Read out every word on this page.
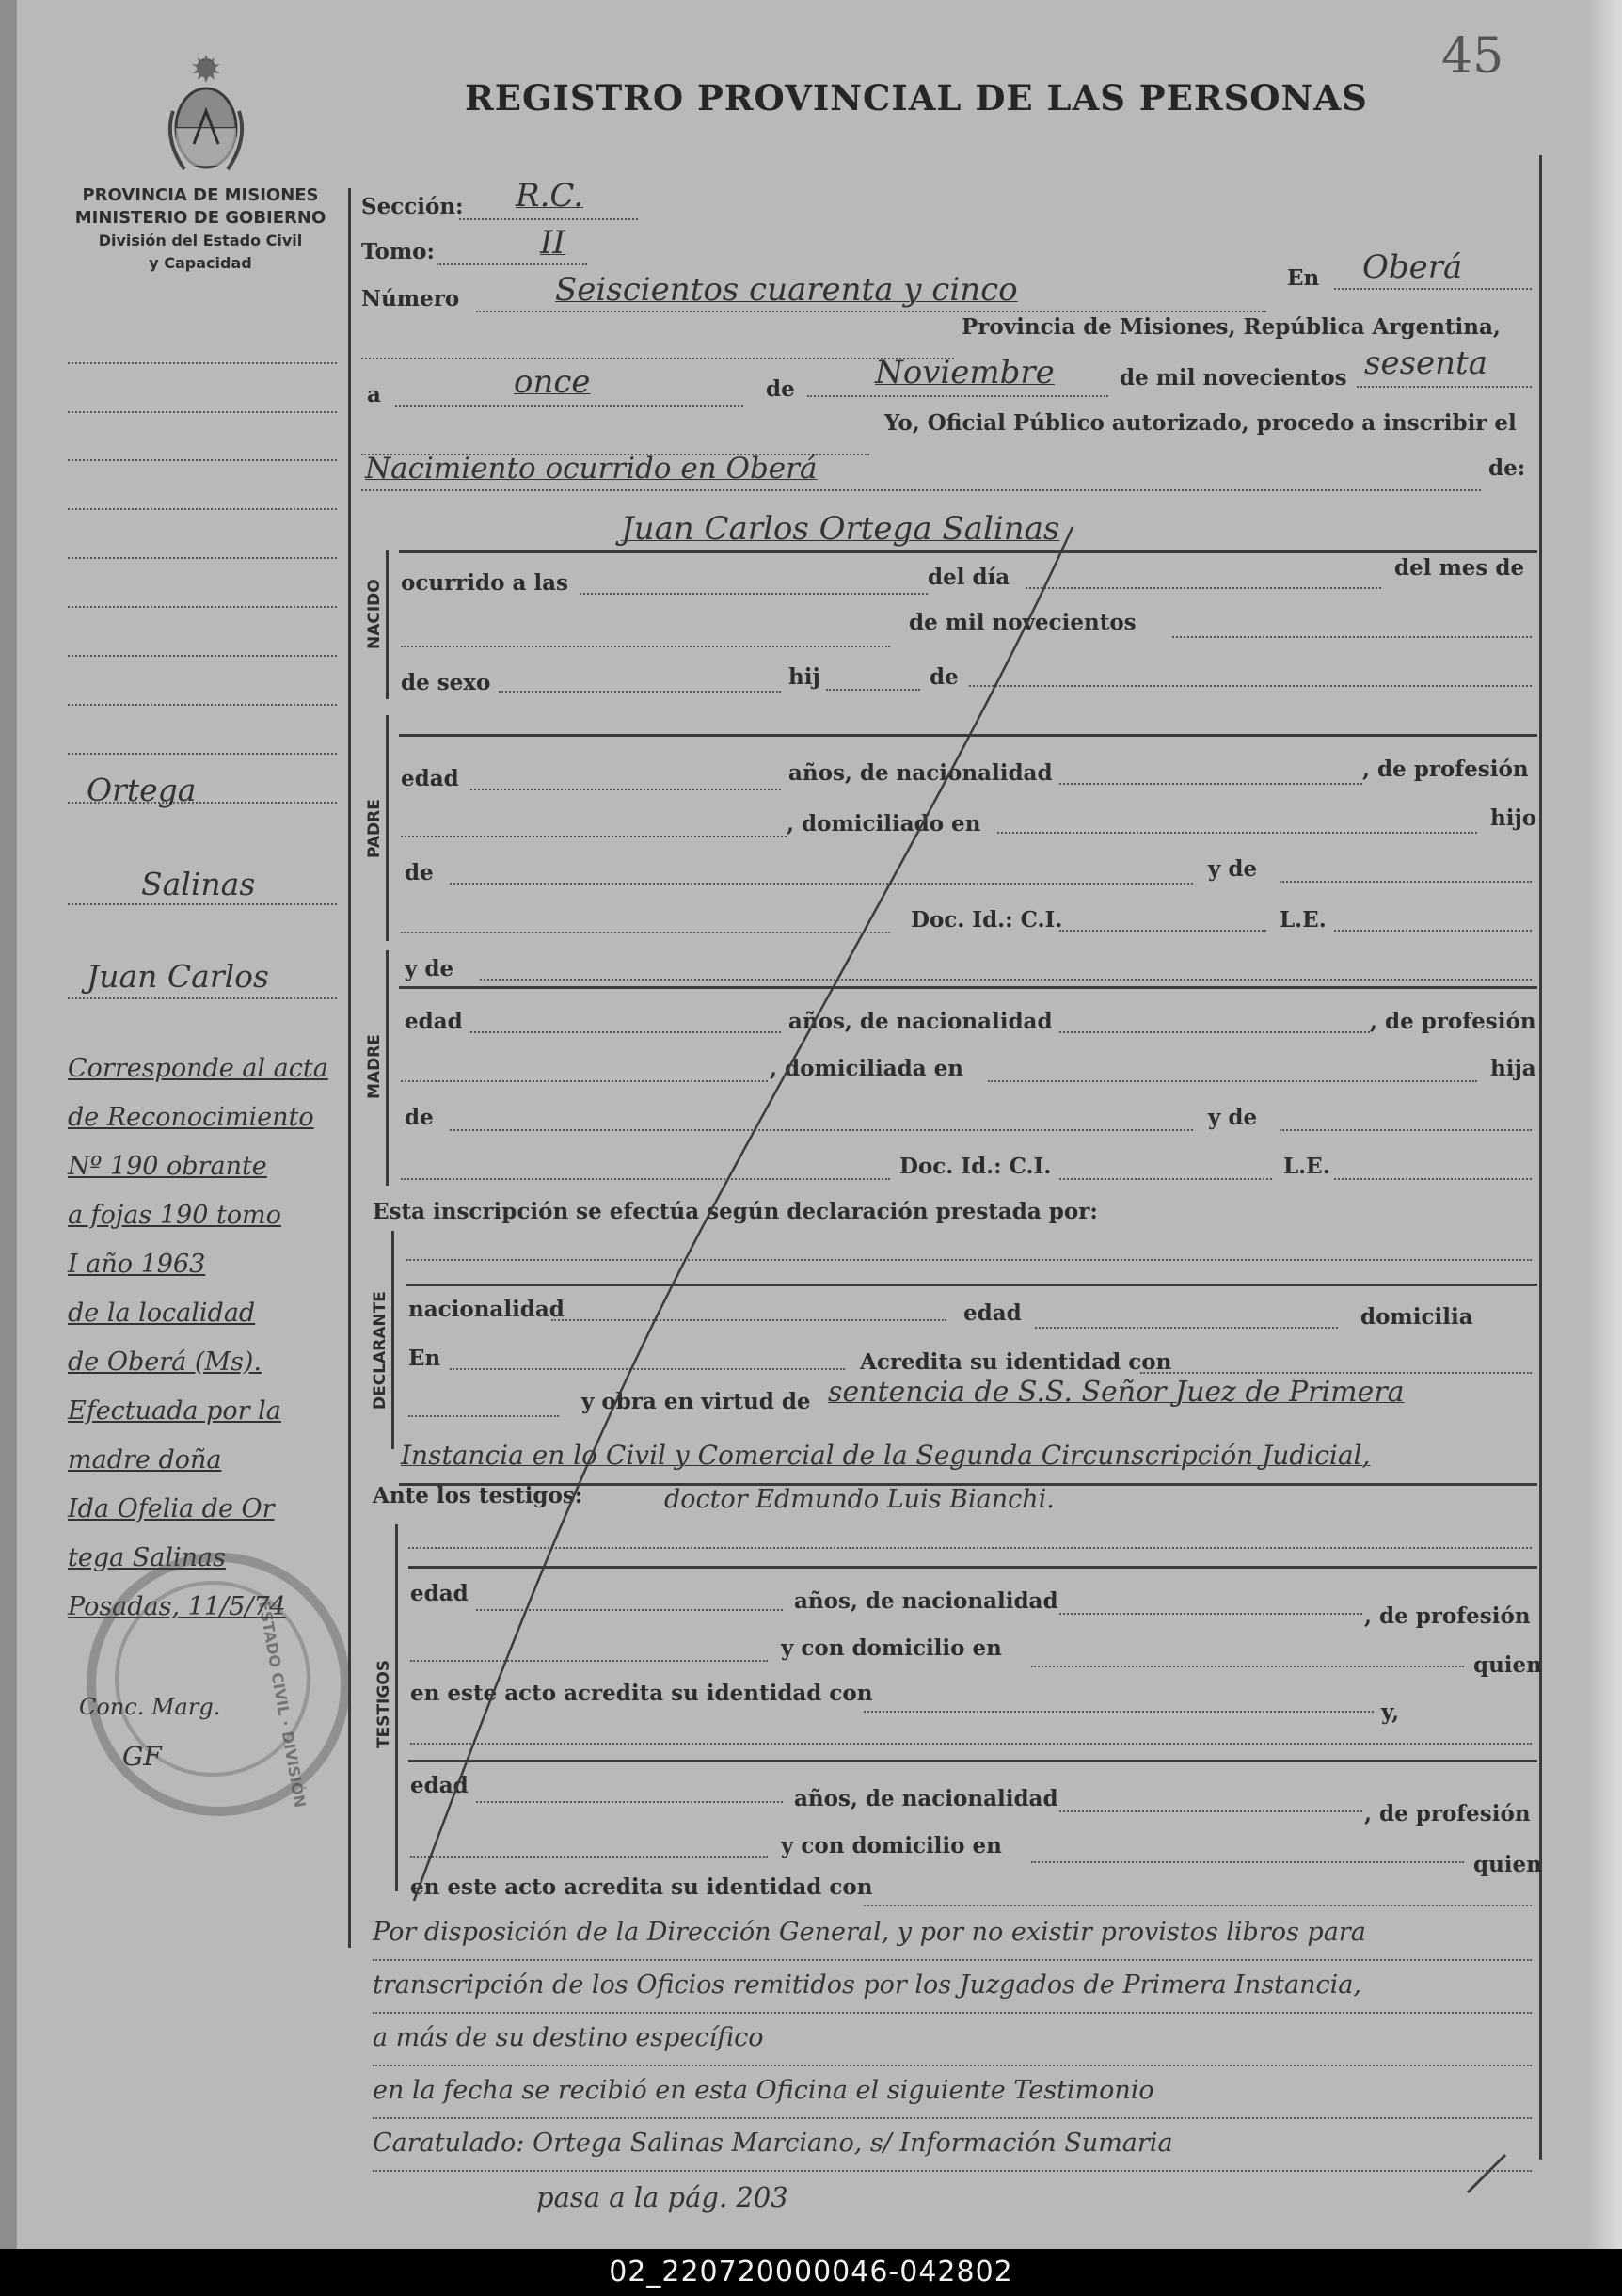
REGISTRO PROVINCIAL DE LAS PERSONAS
45
PROVINCIA DE MISIONES
MINISTERIO DE GOBIERNO
División del Estado Civil
y Capacidad
Ortega
Salinas
Juan Carlos
Corresponde al acta
de Reconocimiento
Nº 190 obrante
a fojas 190 tomo
I año 1963
de la localidad
de Oberá (Ms).
Efectuada por la
madre doña
Ida Ofelia de Or
tega Salinas
Posadas, 11/5/74
ESTADO CIVIL · DIVISIÓN
Conc. Marg.
GF
Sección: R.C.
Tomo:	II
Número	Seiscientos cuarenta y cinco	En Oberá
Provincia de Misiones, República Argentina,
a	once	de	Noviembre	de mil novecientos sesenta
Yo, Oficial Público autorizado, procedo a inscribir el
Nacimiento ocurrido en Oberá	de:
Juan Carlos Ortega Salinas
NACIDO ocurrido a las	del día	del mes de
de mil novecientos
de sexo	hij	de
PADRE
edad	años, de nacionalidad	, de profesión
, domiciliado en	hijo
de	y de
Doc. Id.: C.I.	L.E.
MADRE
y de
edad	años, de nacionalidad	, de profesión
, domiciliada en	hija
de	y de
Doc. Id.: C.I.	L.E.
Esta inscripción se efectúa según declaración prestada por:
DECLARANTE nacionalidad	edad	domicilia
En	Acredita su identidad con
y obra en virtud de sentencia de S.S. Señor Juez de Primera
Instancia en lo Civil y Comercial de la Segunda Circunscripción Judicial,
Ante los testigos:	doctor Edmundo Luis Bianchi.
TESTIGOS
edad	años, de nacionalidad
, de profesión
y con domicilio en
quien
en este acto acredita su identidad con
y,
edad
años, de nacionalidad
, de profesión
y con domicilio en
quien
en este acto acredita su identidad con
Por disposición de la Dirección General, y por no existir provistos libros para
transcripción de los Oficios remitidos por los Juzgados de Primera Instancia,
a más de su destino específico
en la fecha se recibió en esta Oficina el siguiente Testimonio
Caratulado: Ortega Salinas Marciano, s/ Información Sumaria
pasa a la pág. 203
02_220720000046-042802
